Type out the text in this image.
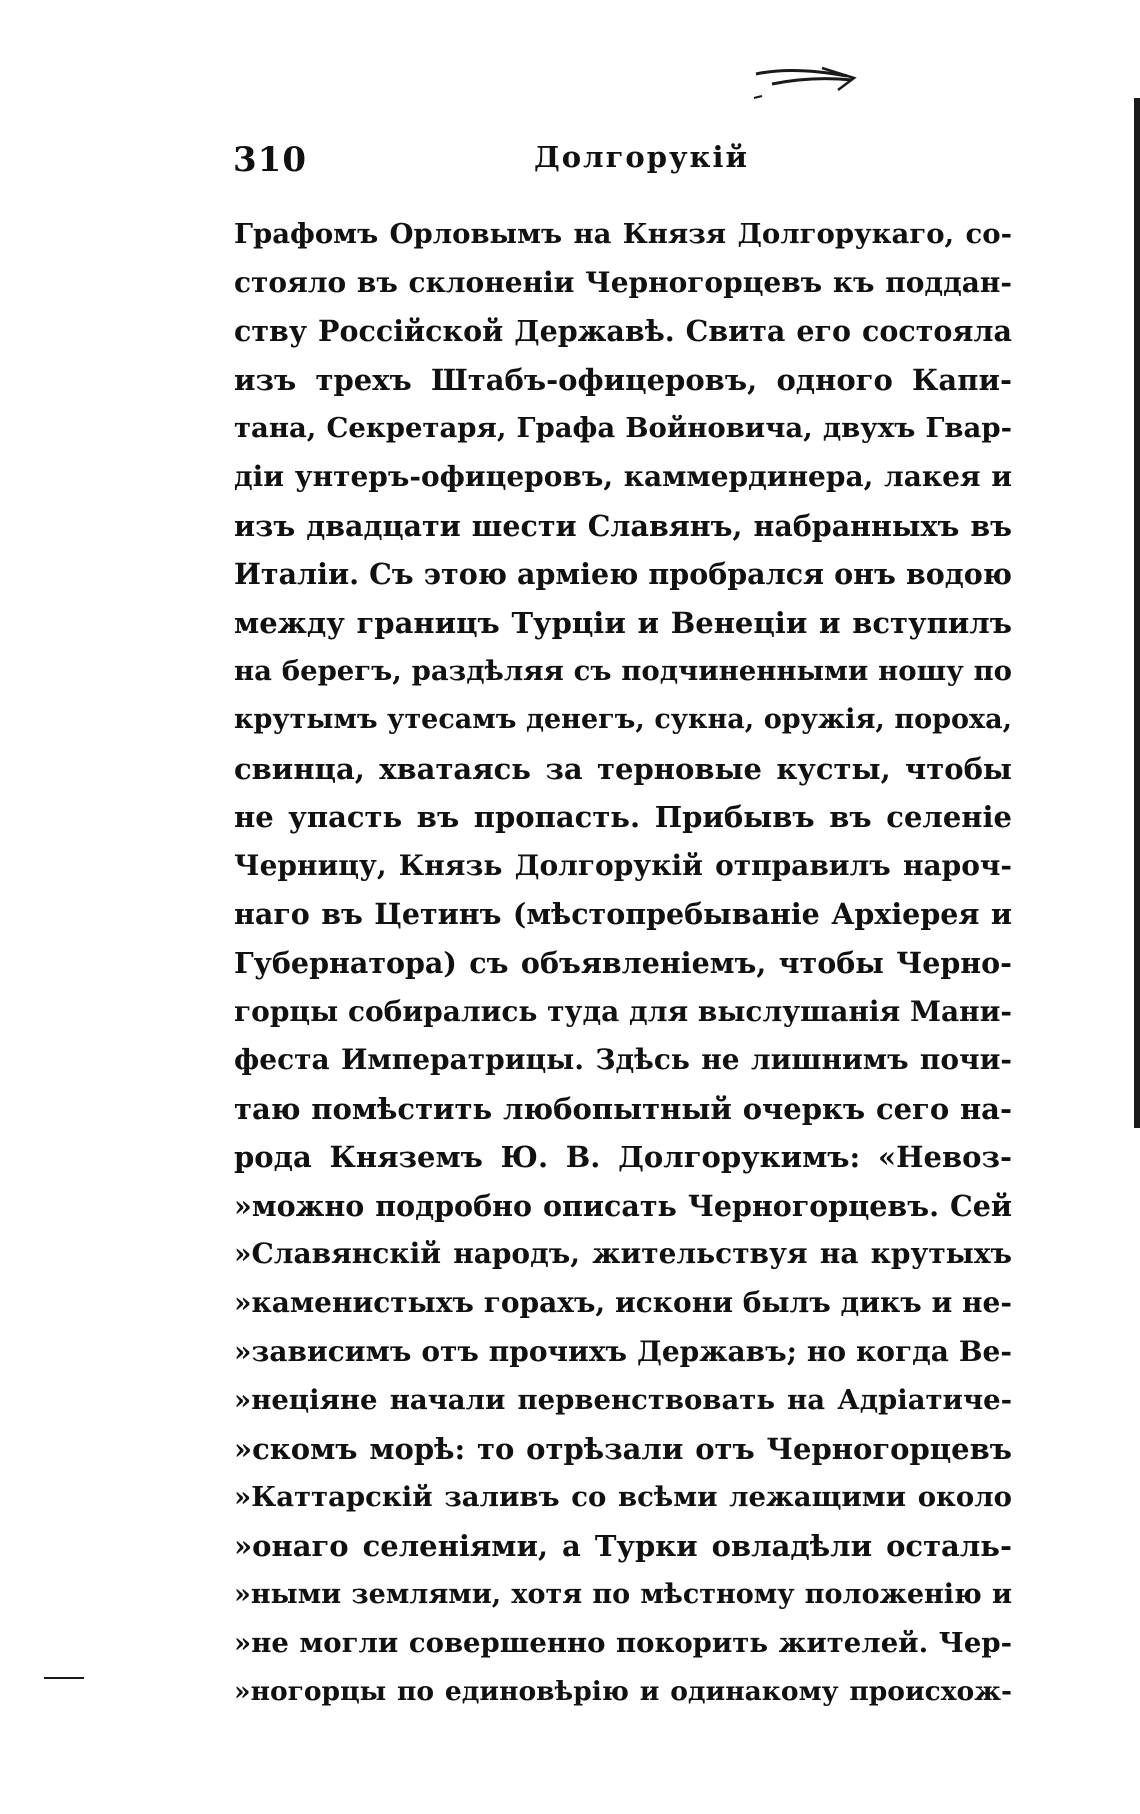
310	Долгорукій
Графомъ Орловымъ на Князя Долгорукаго, со-
стояло въ склоненіи Черногорцевъ къ поддан-
ству Россійской Державѣ. Свита его состояла
изъ трехъ Штабъ-офицеровъ, одного Капи-
тана, Секретаря, Графа Войновича, двухъ Гвар-
діи унтеръ-офицеровъ, каммердинера, лакея и
изъ двадцати шести Славянъ, набранныхъ въ
Италіи. Съ этою арміею пробрался онъ водою
между границъ Турціи и Венеціи и вступилъ
на берегъ, раздѣляя съ подчиненными ношу по
крутымъ утесамъ денегъ, сукна, оружія, пороха,
свинца, хватаясь за терновые кусты, чтобы
не упасть въ пропасть. Прибывъ въ селеніе
Черницу, Князь Долгорукій отправилъ нароч-
наго въ Цетинъ (мѣстопребываніе Архіерея и
Губернатора) съ объявленіемъ, чтобы Черно-
горцы собирались туда для выслушанія Мани-
феста Императрицы. Здѣсь не лишнимъ почи-
таю помѣстить любопытный очеркъ сего на-
рода Княземъ Ю. В. Долгорукимъ: «Невоз-
»можно подробно описать Черногорцевъ. Сей
»Славянскій народъ, житeльствуя на крутыхъ
»каменистыхъ горахъ, искони былъ дикъ и не-
»зависимъ отъ прочихъ Державъ; но когда Ве-
»неціяне начали первенствовать на Адріатиче-
»скомъ морѣ: то отрѣзали отъ Черногорцевъ
»Каттарскій заливъ со всѣми лежащими около
»онаго селеніями, а Турки овладѣли осталь-
»ными землями, хотя по мѣстному положенію и
»не могли совершенно покорить жителей. Чер-
»ногорцы по единовѣрію и одинакому происхож-
